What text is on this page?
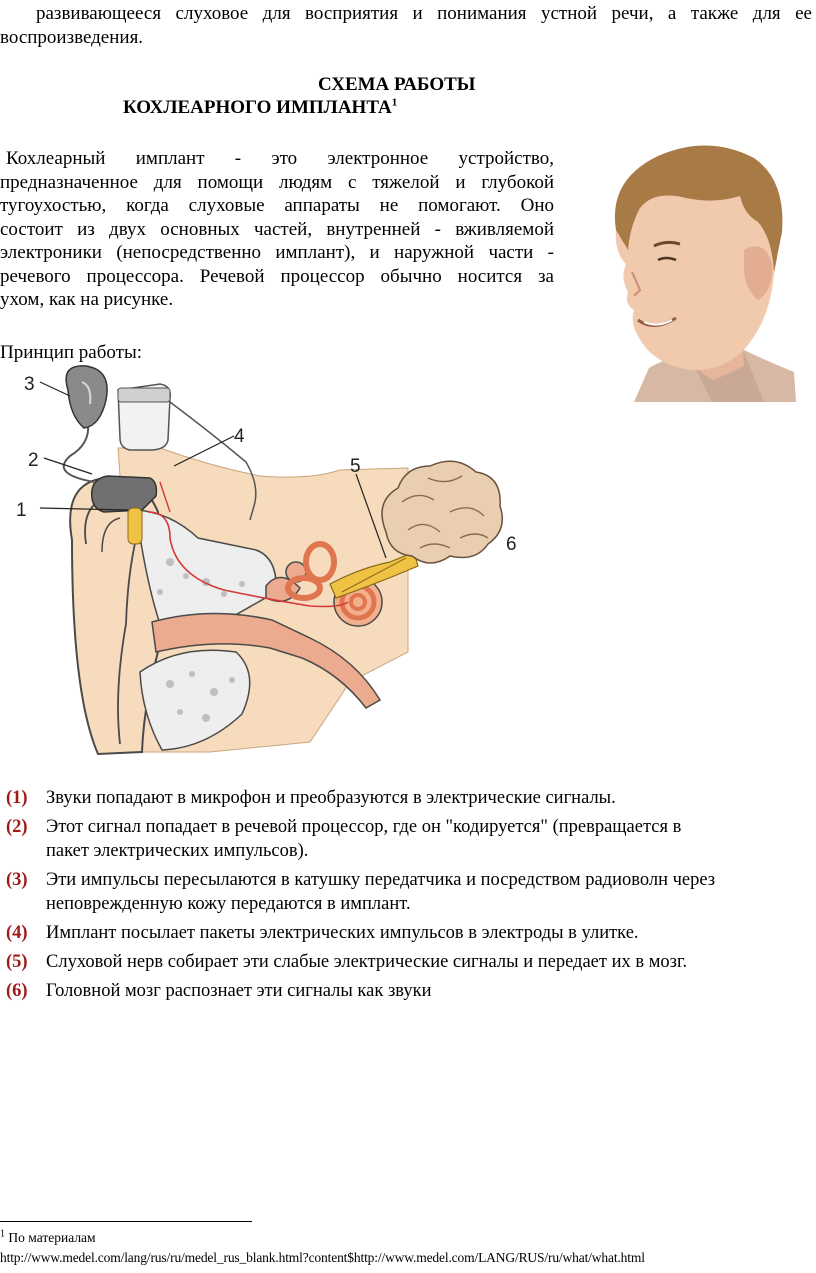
развивающееся слуховое для восприятия и понимания устной речи, а также для ее
воспроизведения.
СХЕМА РАБОТЫ
КОХЛЕАРНОГО ИМПЛАНТА$^1$
Кохлеарный имплант - это электронное устройство,
предназначенное для помощи людям с тяжелой и глубокой
тугоухостью, когда слуховые аппараты не помогают. Оно
состоит из двух основных частей, внутренней - вживляемой
электроники (непосредственно имплант), и наружной части -
речевого процессора. Речевой процессор обычно носится за
ухом, как на рисунке.
Принцип работы:
3
2
1
4
5
6
(1) Звуки попадают в микрофон и преобразуются в электрические сигналы.
(2) Этот сигнал попадает в речевой процессор, где он "кодируется" (превращается в
пакет электрических импульсов).
(3) Эти импульсы пересылаются в катушку передатчика и посредством радиоволн через
неповрежденную кожу передаются в имплант.
(4) Имплант посылает пакеты электрических импульсов в электроды в улитке.
(5) Слуховой нерв собирает эти слабые электрические сигналы и передает их в мозг.
(6) Головной мозг распознает эти сигналы как звуки
$^1$ По материалам
http://www.medel.com/lang/rus/ru/medel_rus_blank.html?content$http://www.medel.com/LANG/RUS/ru/what/what.html
